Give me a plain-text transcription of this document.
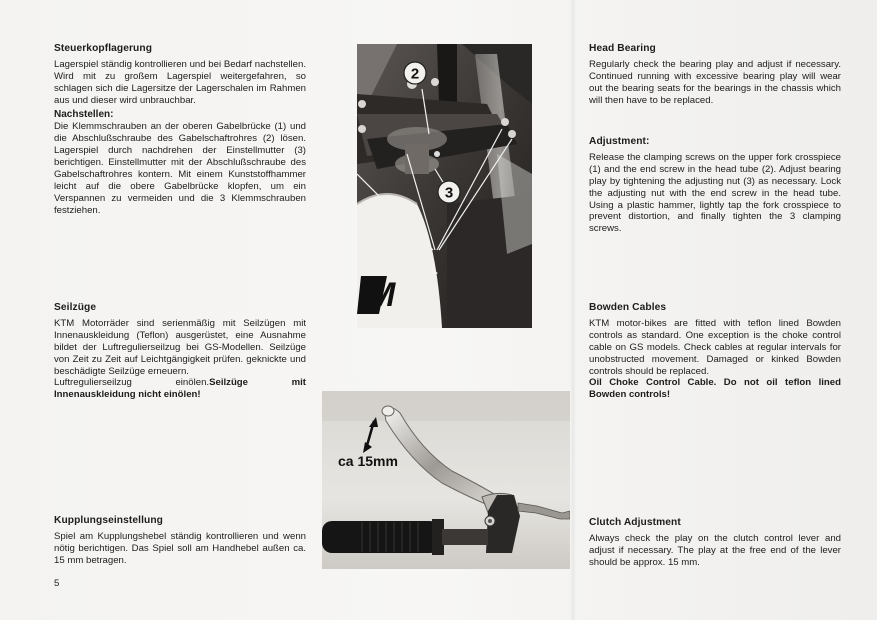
Steuerkopflagerung

Lagerspiel ständig kontrollieren und bei Bedarf nachstellen. Wird mit zu großem Lagerspiel weitergefahren, so schlagen sich die Lagersitze der Lagerschalen im Rahmen aus und dieser wird unbrauchbar.

Nachstellen:

Die Klemmschrauben an der oberen Gabelbrücke (1) und die Abschlußschraube des Gabelschaftrohres (2) lösen. Lagerspiel durch nachdrehen der Einstellmutter (3) berichtigen. Einstellmutter mit der Abschlußschraube des Gabelschaftrohres kontern. Mit einem Kunststoffhammer leicht auf die obere Gabelbrücke klopfen, um ein Verspannen zu vermeiden und die 3 Klemmschrauben festziehen.

Seilzüge

KTM Motorräder sind serienmäßig mit Seilzügen mit Innenauskleidung (Teflon) ausgerüstet, eine Ausnahme bildet der Luftregulierseilzug bei GS-Modellen. Seilzüge von Zeit zu Zeit auf Leichtgängigkeit prüfen. geknickte und beschädigte Seilzüge erneuern.

Luftregulierseilzug einölen.Seilzüge mit Innenauskleidung nicht einölen!

Kupplungseinstellung

Spiel am Kupplungshebel ständig kontrollieren und wenn nötig berichtigen. Das Spiel soll am Handhebel außen ca. 15 mm betragen.

Head Bearing

Regularly check the bearing play and adjust if necessary. Continued running with excessive bearing play will wear out the bearing seats for the bearings in the chassis which will then have to be replaced.

Adjustment:

Release the clamping screws on the upper fork crosspiece (1) and the end screw in the head tube (2). Adjust bearing play by tightening the adjusting nut (3) as necessary. Lock the adjusting nut with the end screw in the head tube. Using a plastic hammer, lightly tap the fork crosspiece to prevent distortion, and finally tighten the 3 clamping screws.

Bowden Cables

KTM motor-bikes are fitted with teflon lined Bowden controls as standard. One exception is the choke control cable on GS models. Check cables at regular intervals for unobstructed movement. Damaged or kinked Bowden controls should be replaced.

Oil Choke Control Cable. Do not oil teflon lined Bowden controls!

Clutch Adjustment

Always check the play on the clutch control lever and adjust if necessary. The play at the free end of the lever should be approx. 15 mm.

5
M
2
3
1
ca 15mm
